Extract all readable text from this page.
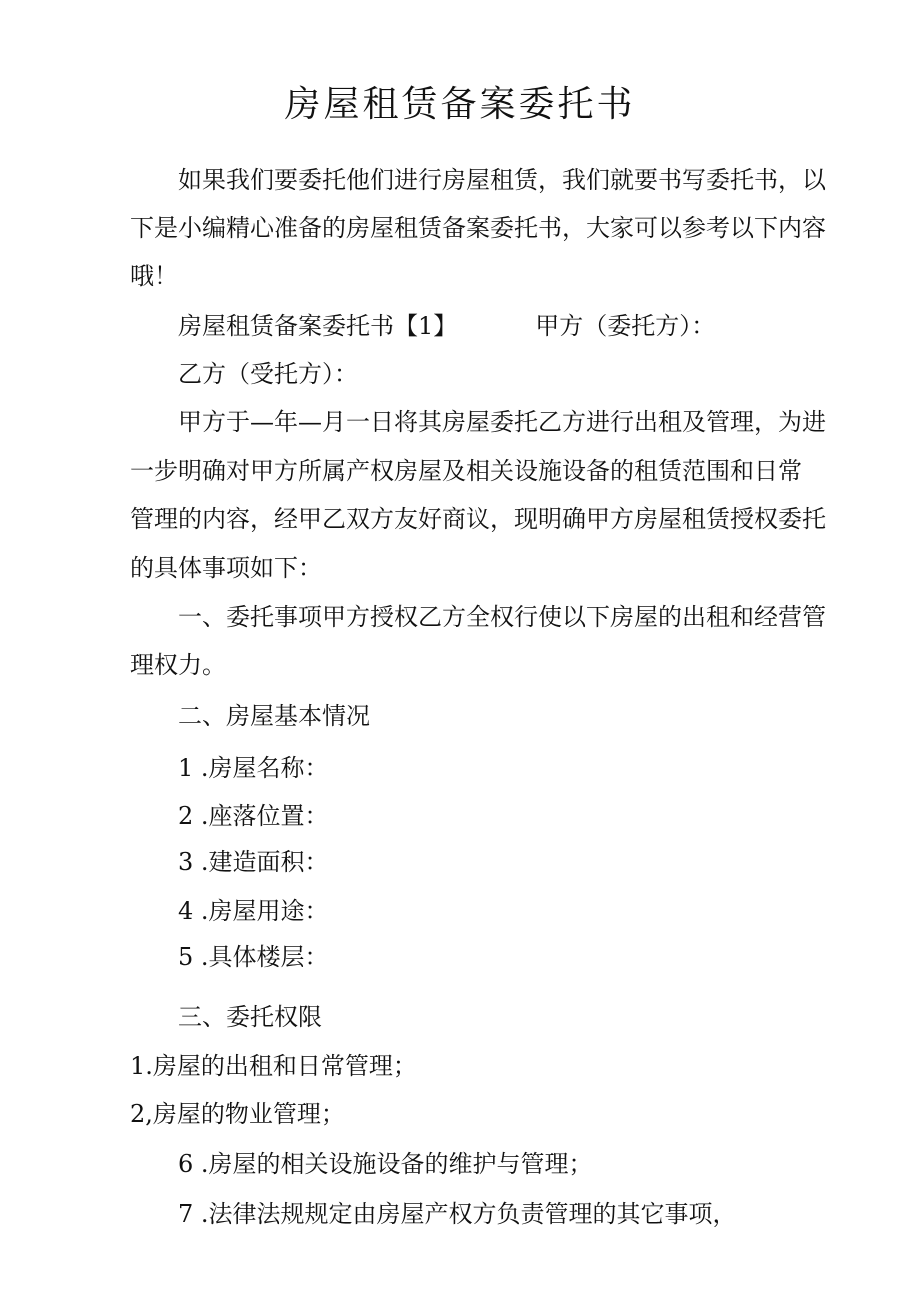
房屋租赁备案委托书
如果我们要委托他们进行房屋租赁，我们就要书写委托书，以
下是小编精心准备的房屋租赁备案委托书，大家可以参考以下内容
哦！
房屋租赁备案委托书【1】	甲方（委托方）：
乙方（受托方）：
甲方于—年—月一日将其房屋委托乙方进行出租及管理，为进
一步明确对甲方所属产权房屋及相关设施设备的租赁范围和日常
管理的内容，经甲乙双方友好商议，现明确甲方房屋租赁授权委托
的具体事项如下：
一、委托事项甲方授权乙方全权行使以下房屋的出租和经营管
理权力。
二、房屋基本情况
1 .房屋名称：
2 .座落位置：
3 .建造面积：
4 .房屋用途：
5 .具体楼层：
三、委托权限
1.房屋的出租和日常管理；
2,房屋的物业管理；
6 .房屋的相关设施设备的维护与管理；
7 .法律法规规定由房屋产权方负责管理的其它事项，
